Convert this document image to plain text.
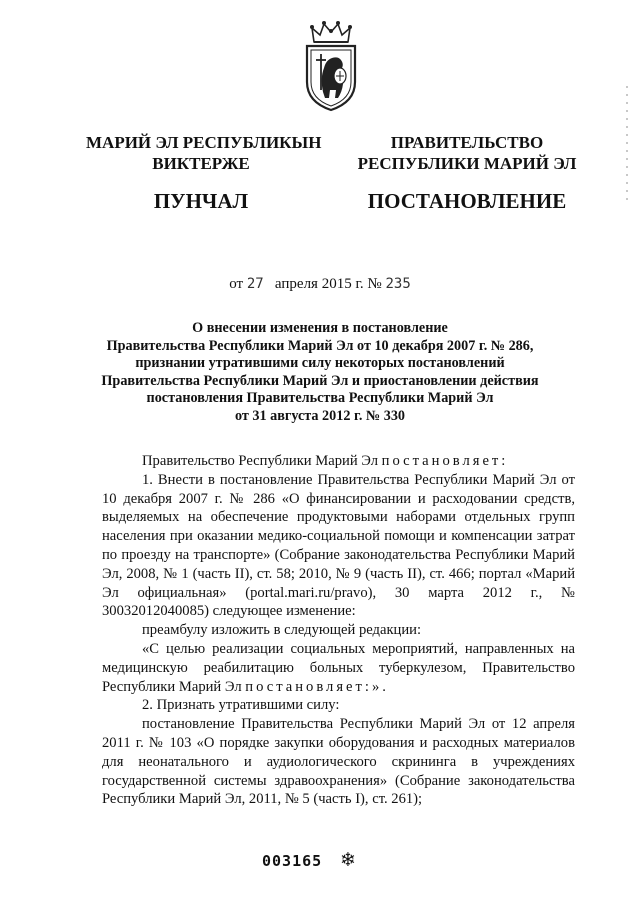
МАРИЙ ЭЛ РЕСПУБЛИКЫН
ВИКТЕРЖЕ
ПУНЧАЛ
ПРАВИТЕЛЬСТВО
РЕСПУБЛИКИ МАРИЙ ЭЛ
ПОСТАНОВЛЕНИЕ
от 27 апреля 2015 г. № 235
О внесении изменения в постановление
Правительства Республики Марий Эл от 10 декабря 2007 г. № 286,
признании утратившими силу некоторых постановлений
Правительства Республики Марий Эл и приостановлении действия
постановления Правительства Республики Марий Эл
от 31 августа 2012 г. № 330
Правительство Республики Марий Эл постановляет:
1. Внести в постановление Правительства Республики Марий Эл от 10 декабря 2007 г. № 286 «О финансировании и расходовании средств, выделяемых на обеспечение продуктовыми наборами отдельных групп населения при оказании медико-социальной помощи и компенсации затрат по проезду на транспорте» (Собрание законодательства Республики Марий Эл, 2008, № 1 (часть II), ст. 58; 2010, № 9 (часть II), ст. 466; портал «Марий Эл официальная» (portal.mari.ru/pravo), 30 марта 2012 г., № 30032012040085) следующее изменение:
преамбулу изложить в следующей редакции:
«С целью реализации социальных мероприятий, направленных на медицинскую реабилитацию больных туберкулезом, Правительство Республики Марий Эл постановляет:».
2. Признать утратившими силу:
постановление Правительства Республики Марий Эл от 12 апреля 2011 г. № 103 «О порядке закупки оборудования и расходных материалов для неонатального и аудиологического скрининга в учреждениях государственной системы здравоохранения» (Собрание законодательства Республики Марий Эл, 2011, № 5 (часть I), ст. 261);
003165 ❄
